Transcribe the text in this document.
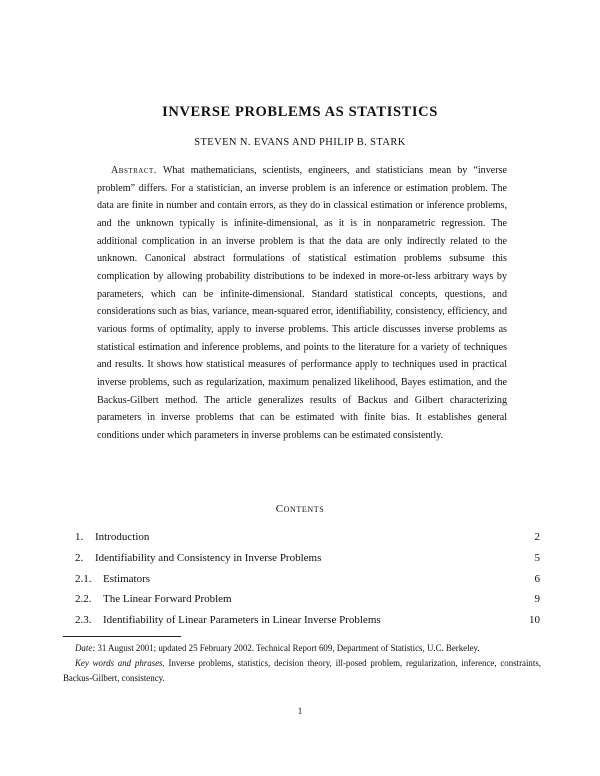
INVERSE PROBLEMS AS STATISTICS
STEVEN N. EVANS AND PHILIP B. STARK

Abstract. What mathematicians, scientists, engineers, and statisticians mean by “inverse problem” differs. For a statistician, an inverse problem is an inference or estimation problem. The data are finite in number and contain errors, as they do in classical estimation or inference problems, and the unknown typically is infinite-dimensional, as it is in nonparametric regression. The additional complication in an inverse problem is that the data are only indirectly related to the unknown. Canonical abstract formulations of statistical estimation problems subsume this complication by allowing probability distributions to be indexed in more-or-less arbitrary ways by parameters, which can be infinite-dimensional. Standard statistical concepts, questions, and considerations such as bias, variance, mean-squared error, identifiability, consistency, efficiency, and various forms of optimality, apply to inverse problems. This article discusses inverse problems as statistical estimation and inference problems, and points to the literature for a variety of techniques and results. It shows how statistical measures of performance apply to techniques used in practical inverse problems, such as regularization, maximum penalized likelihood, Bayes estimation, and the Backus-Gilbert method. The article generalizes results of Backus and Gilbert characterizing parameters in inverse problems that can be estimated with finite bias. It establishes general conditions under which parameters in inverse problems can be estimated consistently.

Contents
1. Introduction	2
2. Identifiability and Consistency in Inverse Problems	5
2.1. Estimators	6
2.2. The Linear Forward Problem	9
2.3. Identifiability of Linear Parameters in Linear Inverse Problems	10

Date: 31 August 2001; updated 25 February 2002. Technical Report 609, Department of Statistics, U.C. Berkeley.

Key words and phrases. Inverse problems, statistics, decision theory, ill-posed problem, regularization, inference, constraints, Backus-Gilbert, consistency.

1
